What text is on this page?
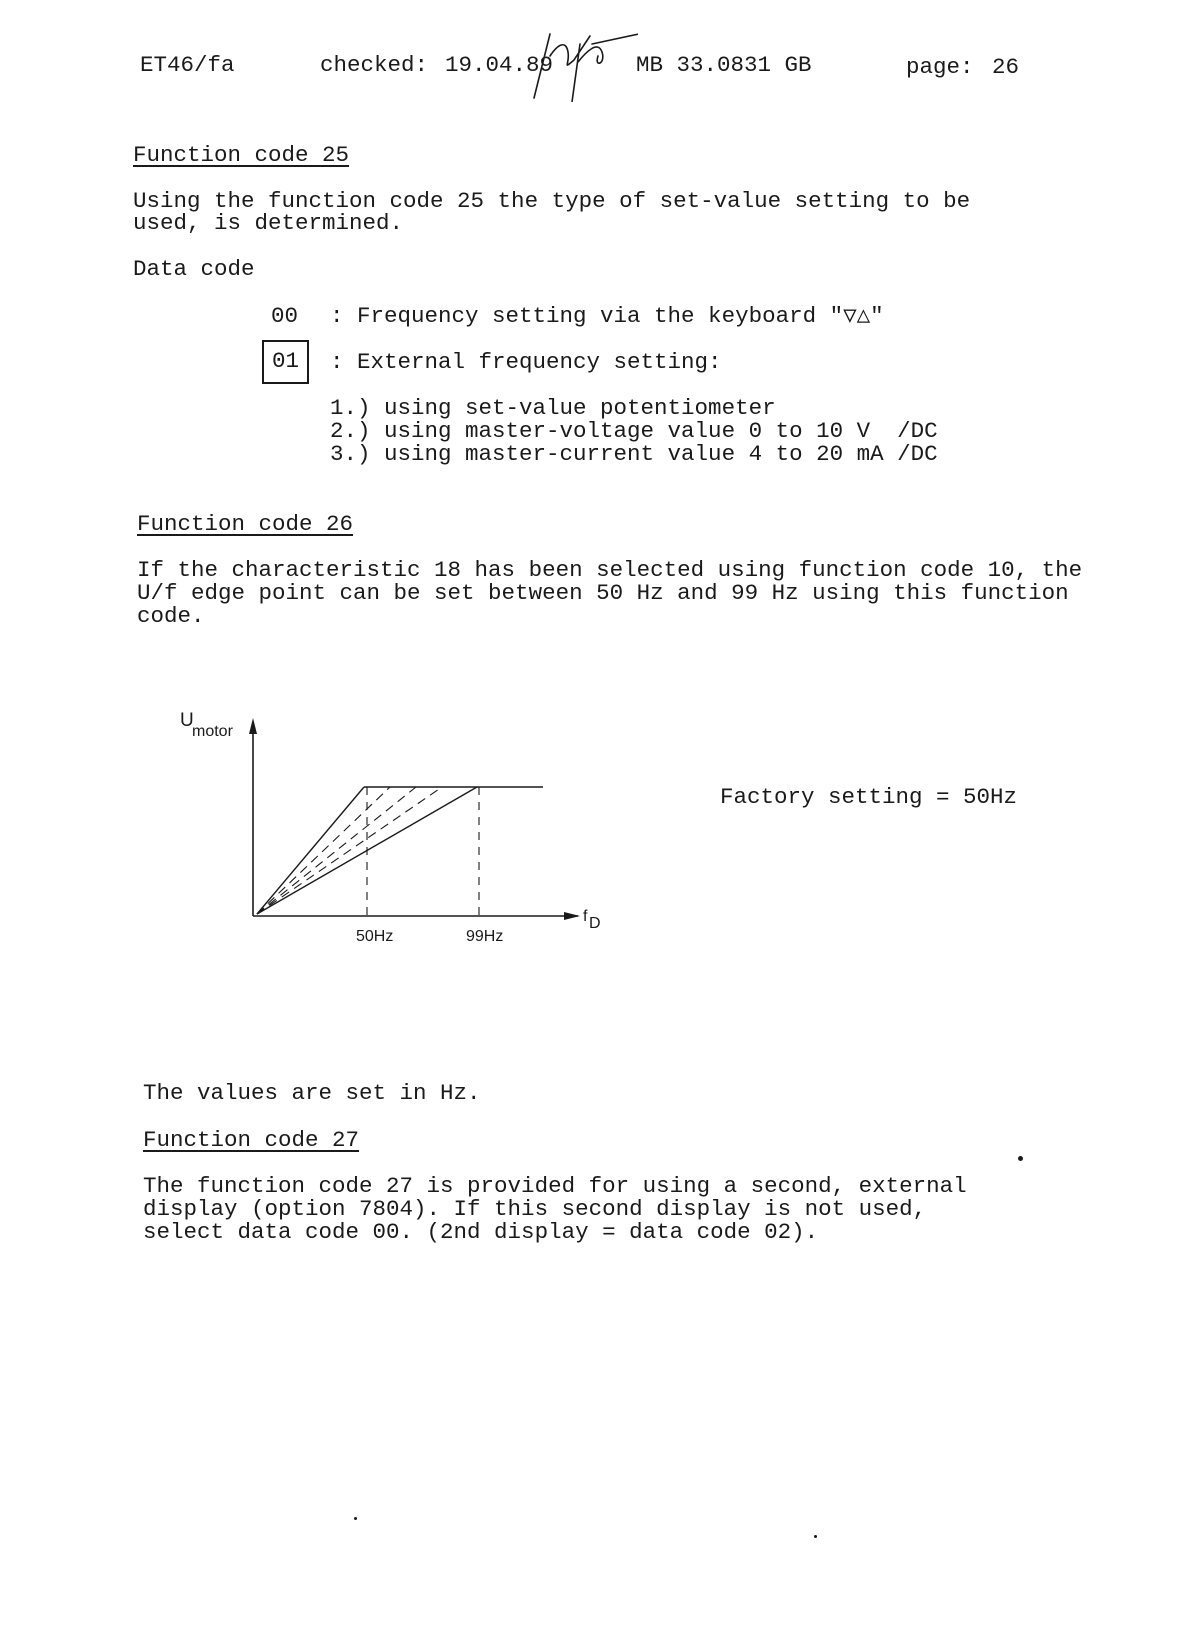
ET46/fa	checked: 19.04.89	MB 33.0831 GB	page: 26
Function code 25
Using the function code 25 the type of set-value setting to be
used, is determined.
Data code
00 : Frequency setting via the keyboard "▽△"
01	: External frequency setting:
1.) using set-value potentiometer
2.) using master-voltage value 0 to 10 V  /DC
3.) using master-current value 4 to 20 mA /DC
Function code 26
If the characteristic 18 has been selected using function code 10, the
U/f edge point can be set between 50 Hz and 99 Hz using this function
code.
U
motor
f D
50Hz	99Hz
Factory setting = 50Hz
The values are set in Hz.
Function code 27
The function code 27 is provided for using a second, external
display (option 7804). If this second display is not used,
select data code 00. (2nd display = data code 02).
